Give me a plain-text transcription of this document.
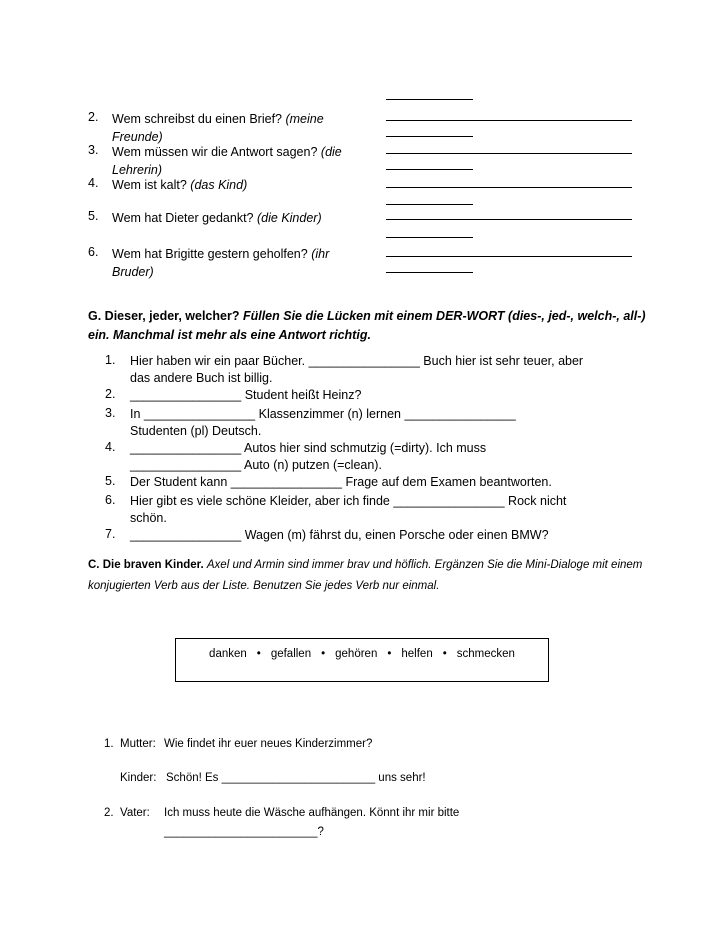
2. Wem schreibst du einen Brief? (meine
Freunde)
3. Wem müssen wir die Antwort sagen? (die
Lehrerin)
4. Wem ist kalt? (das Kind)
5. Wem hat Dieter gedankt? (die Kinder)
6. Wem hat Brigitte gestern geholfen? (ihr
Bruder)
G. Dieser, jeder, welcher? Füllen Sie die Lücken mit einem DER-WORT (dies-, jed-, welch-, all-) ein. Manchmal ist mehr als eine Antwort richtig.
1. Hier haben wir ein paar Bücher. ________________ Buch hier ist sehr teuer, aber
das andere Buch ist billig.
2. ________________ Student heißt Heinz?
3. In ________________ Klassenzimmer (n) lernen ________________
Studenten (pl) Deutsch.
4. ________________ Autos hier sind schmutzig (=dirty). Ich muss
________________ Auto (n) putzen (=clean).
5. Der Student kann ________________ Frage auf dem Examen beantworten.
6. Hier gibt es viele schöne Kleider, aber ich finde ________________ Rock nicht
schön.
7. ________________ Wagen (m) fährst du, einen Porsche oder einen BMW?
C. Die braven Kinder. Axel und Armin sind immer brav und höflich. Ergänzen Sie die Mini-Dialoge mit einem konjugierten Verb aus der Liste. Benutzen Sie jedes Verb nur einmal.
danken • gefallen • gehören • helfen • schmecken
1. Mutter: Wie findet ihr euer neues Kinderzimmer?
Kinder: Schön! Es ________________________ uns sehr!
2. Vater: Ich muss heute die Wäsche aufhängen. Könnt ihr mir bitte
________________________?
